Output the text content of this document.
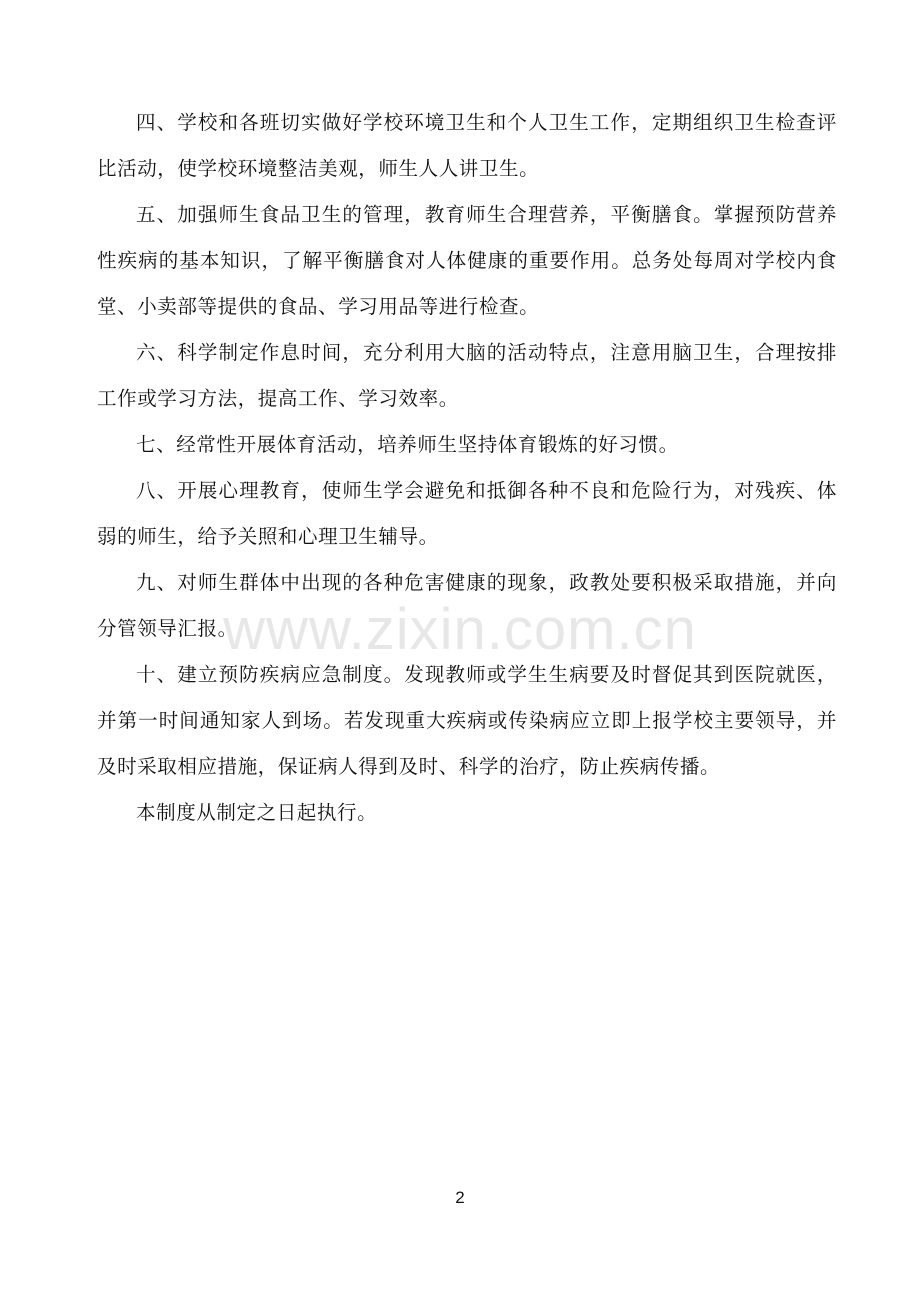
四、学校和各班切实做好学校环境卫生和个人卫生工作，定期组织卫生检查评比活动，使学校环境整洁美观，师生人人讲卫生。

五、加强师生食品卫生的管理，教育师生合理营养，平衡膳食。掌握预防营养性疾病的基本知识，了解平衡膳食对人体健康的重要作用。总务处每周对学校内食堂、小卖部等提供的食品、学习用品等进行检查。

六、科学制定作息时间，充分利用大脑的活动特点，注意用脑卫生，合理按排工作或学习方法，提高工作、学习效率。

七、经常性开展体育活动，培养师生坚持体育锻炼的好习惯。

八、开展心理教育，使师生学会避免和抵御各种不良和危险行为，对残疾、体弱的师生，给予关照和心理卫生辅导。

九、对师生群体中出现的各种危害健康的现象，政教处要积极采取措施，并向分管领导汇报。

十、建立预防疾病应急制度。发现教师或学生生病要及时督促其到医院就医，并第一时间通知家人到场。若发现重大疾病或传染病应立即上报学校主要领导，并及时采取相应措施，保证病人得到及时、科学的治疗，防止疾病传播。

本制度从制定之日起执行。

www.zixin.com.cn
2
